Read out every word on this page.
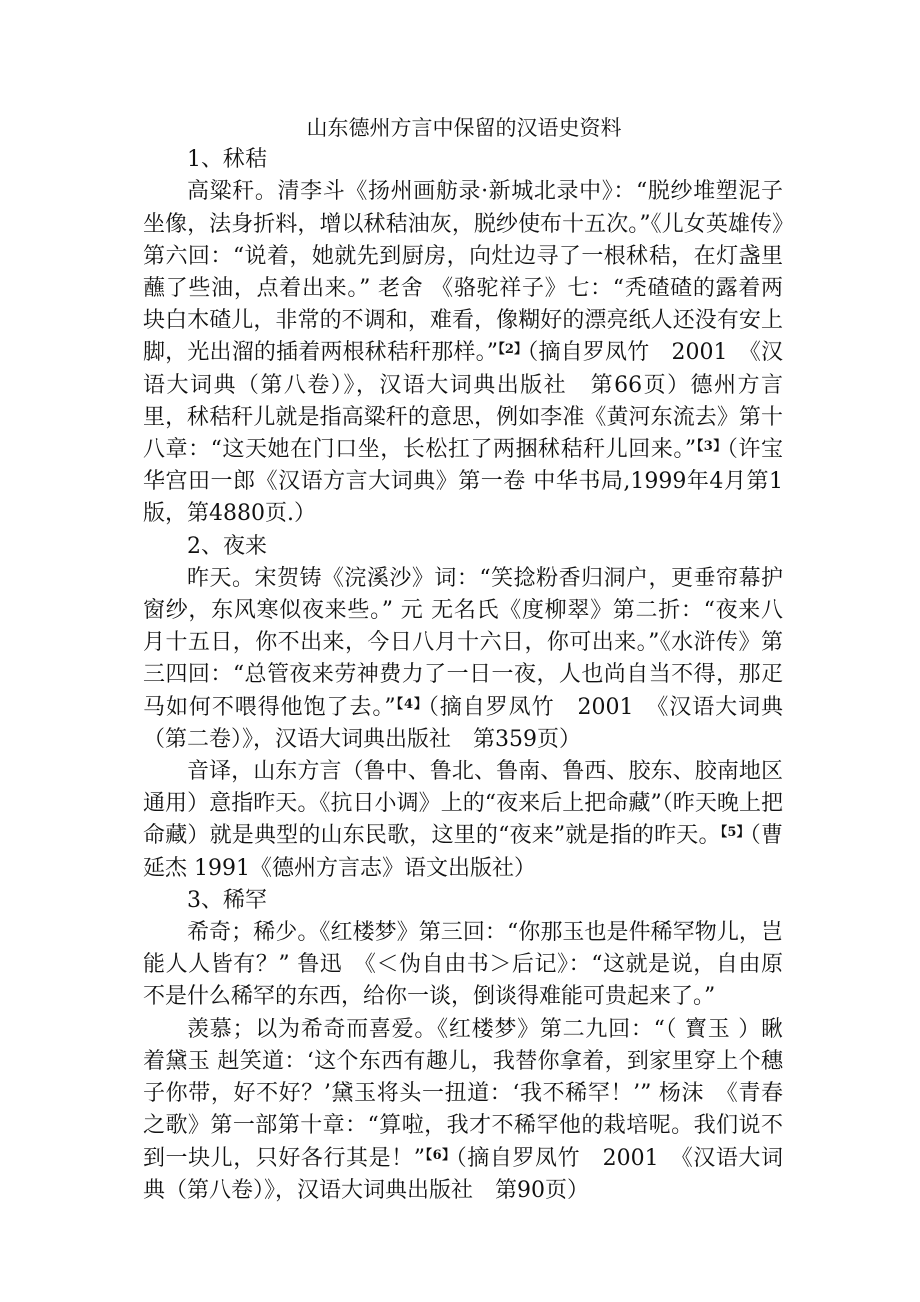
山东德州方言中保留的汉语史资料

1、秫秸

高粱秆。清李斗《扬州画舫录·新城北录中》：“脱纱堆塑泥子坐像，法身折料，增以秫秸油灰，脱纱使布十五次。”《儿女英雄传》第六回：“说着，她就先到厨房，向灶边寻了一根秫秸，在灯盏里蘸了些油，点着出来。” 老舍 《骆驼祥子》七：“秃碴碴的露着两块白木碴儿，非常的不调和，难看，像糊好的漂亮纸人还没有安上脚，光出溜的插着两根秫秸秆那样。”$^{【2】}$（摘自罗凤竹　2001　《汉语大词典（第八卷）》，汉语大词典出版社　第66页）德州方言里，秫秸秆儿就是指高粱秆的意思，例如李准《黄河东流去》第十八章：“这天她在门口坐，长松扛了两捆秫秸秆儿回来。”$^{【3】}$（许宝华宫田一郎《汉语方言大词典》第一卷 中华书局,1999年4月第1版，第4880页.）

2、夜来

昨天。宋贺铸《浣溪沙》词：“笑捻粉香归洞户，更垂帘幕护窗纱，东风寒似夜来些。” 元 无名氏《度柳翠》第二折：“夜来八月十五日，你不出来，今日八月十六日，你可出来。”《水浒传》第三四回：“总管夜来劳神费力了一日一夜，人也尚自当不得，那疋马如何不喂得他饱了去。”$^{【4】}$（摘自罗凤竹　2001　《汉语大词典（第二卷）》，汉语大词典出版社　第359页）

音译，山东方言（鲁中、鲁北、鲁南、鲁西、胶东、胶南地区通用）意指昨天。《抗日小调》上的“夜来后上把命藏”（昨天晚上把命藏）就是典型的山东民歌，这里的“夜来”就是指的昨天。$^{【5】}$（曹延杰 1991《德州方言志》语文出版社）

3、稀罕

希奇；稀少。《红楼梦》第三回：“你那玉也是件稀罕物儿，岂能人人皆有？” 鲁迅　《＜伪自由书＞后记》：“这就是说，自由原不是什么稀罕的东西，给你一谈，倒谈得难能可贵起来了。”

羡慕；以为希奇而喜爱。《红楼梦》第二九回：“（ 寳玉 ）瞅着黛玉 赳笑道：‘这个东西有趣儿，我替你拿着，到家里穿上个穗子你带，好不好？’黛玉将头一扭道：‘我不稀罕！’” 杨沫　《青春之歌》第一部第十章：“算啦，我才不稀罕他的栽培呢。我们说不到一块儿，只好各行其是！”$^{【6】}$（摘自罗凤竹　2001　《汉语大词典（第八卷）》，汉语大词典出版社　第90页）
